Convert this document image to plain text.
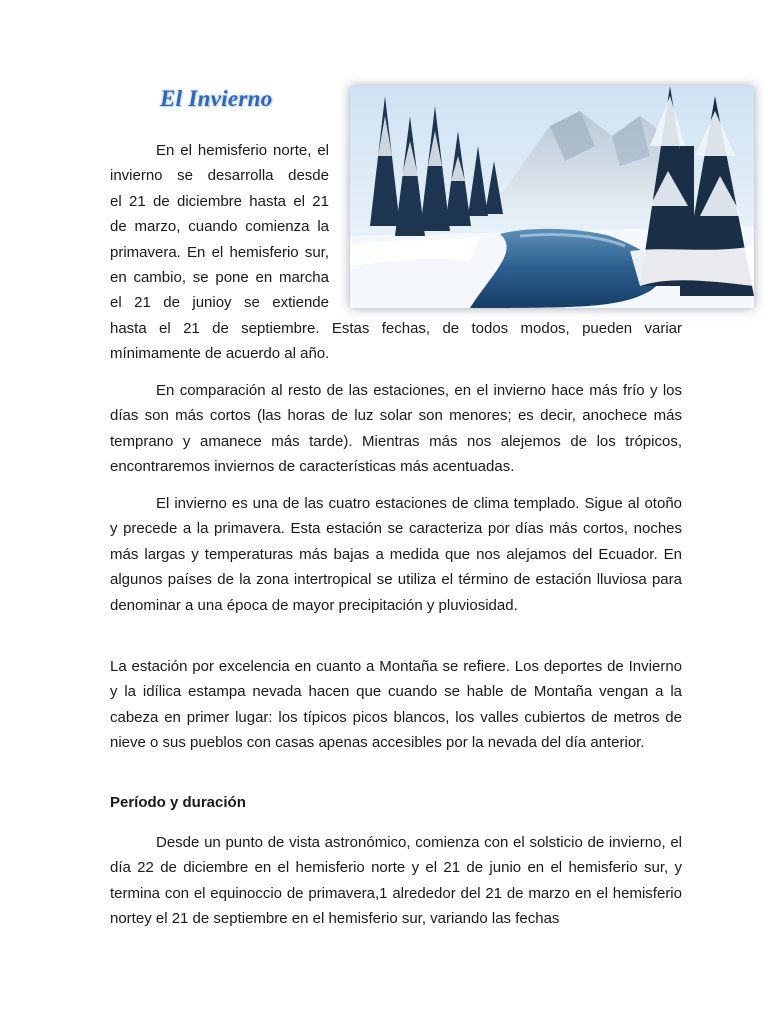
El Invierno
En el hemisferio norte, el
invierno se desarrolla desde
el 21 de diciembre hasta el 21
de marzo, cuando comienza la
primavera. En el hemisferio sur,
en cambio, se pone en marcha
el 21 de junioy se extiende
hasta el 21 de septiembre. Estas fechas, de todos modos, pueden variar
mínimamente de acuerdo al año.

En comparación al resto de las estaciones, en el invierno hace más frío y los días son más cortos (las horas de luz solar son menores; es decir, anochece más temprano y amanece más tarde). Mientras más nos alejemos de los trópicos, encontraremos inviernos de características más acentuadas.

El invierno es una de las cuatro estaciones de clima templado. Sigue al otoño y precede a la primavera. Esta estación se caracteriza por días más cortos, noches más largas y temperaturas más bajas a medida que nos alejamos del Ecuador. En algunos países de la zona intertropical se utiliza el término de estación lluviosa para denominar a una época de mayor precipitación y pluviosidad.

La estación por excelencia en cuanto a Montaña se refiere. Los deportes de Invierno y la idílica estampa nevada hacen que cuando se hable de Montaña vengan a la cabeza en primer lugar: los típicos picos blancos, los valles cubiertos de metros de nieve o sus pueblos con casas apenas accesibles por la nevada del día anterior.

Período y duración

Desde un punto de vista astronómico, comienza con el solsticio de invierno, el día 22 de diciembre en el hemisferio norte y el 21 de junio en el hemisferio sur, y termina con el equinoccio de primavera,1 alrededor del 21 de marzo en el hemisferio nortey el 21 de septiembre en el hemisferio sur, variando las fechas
